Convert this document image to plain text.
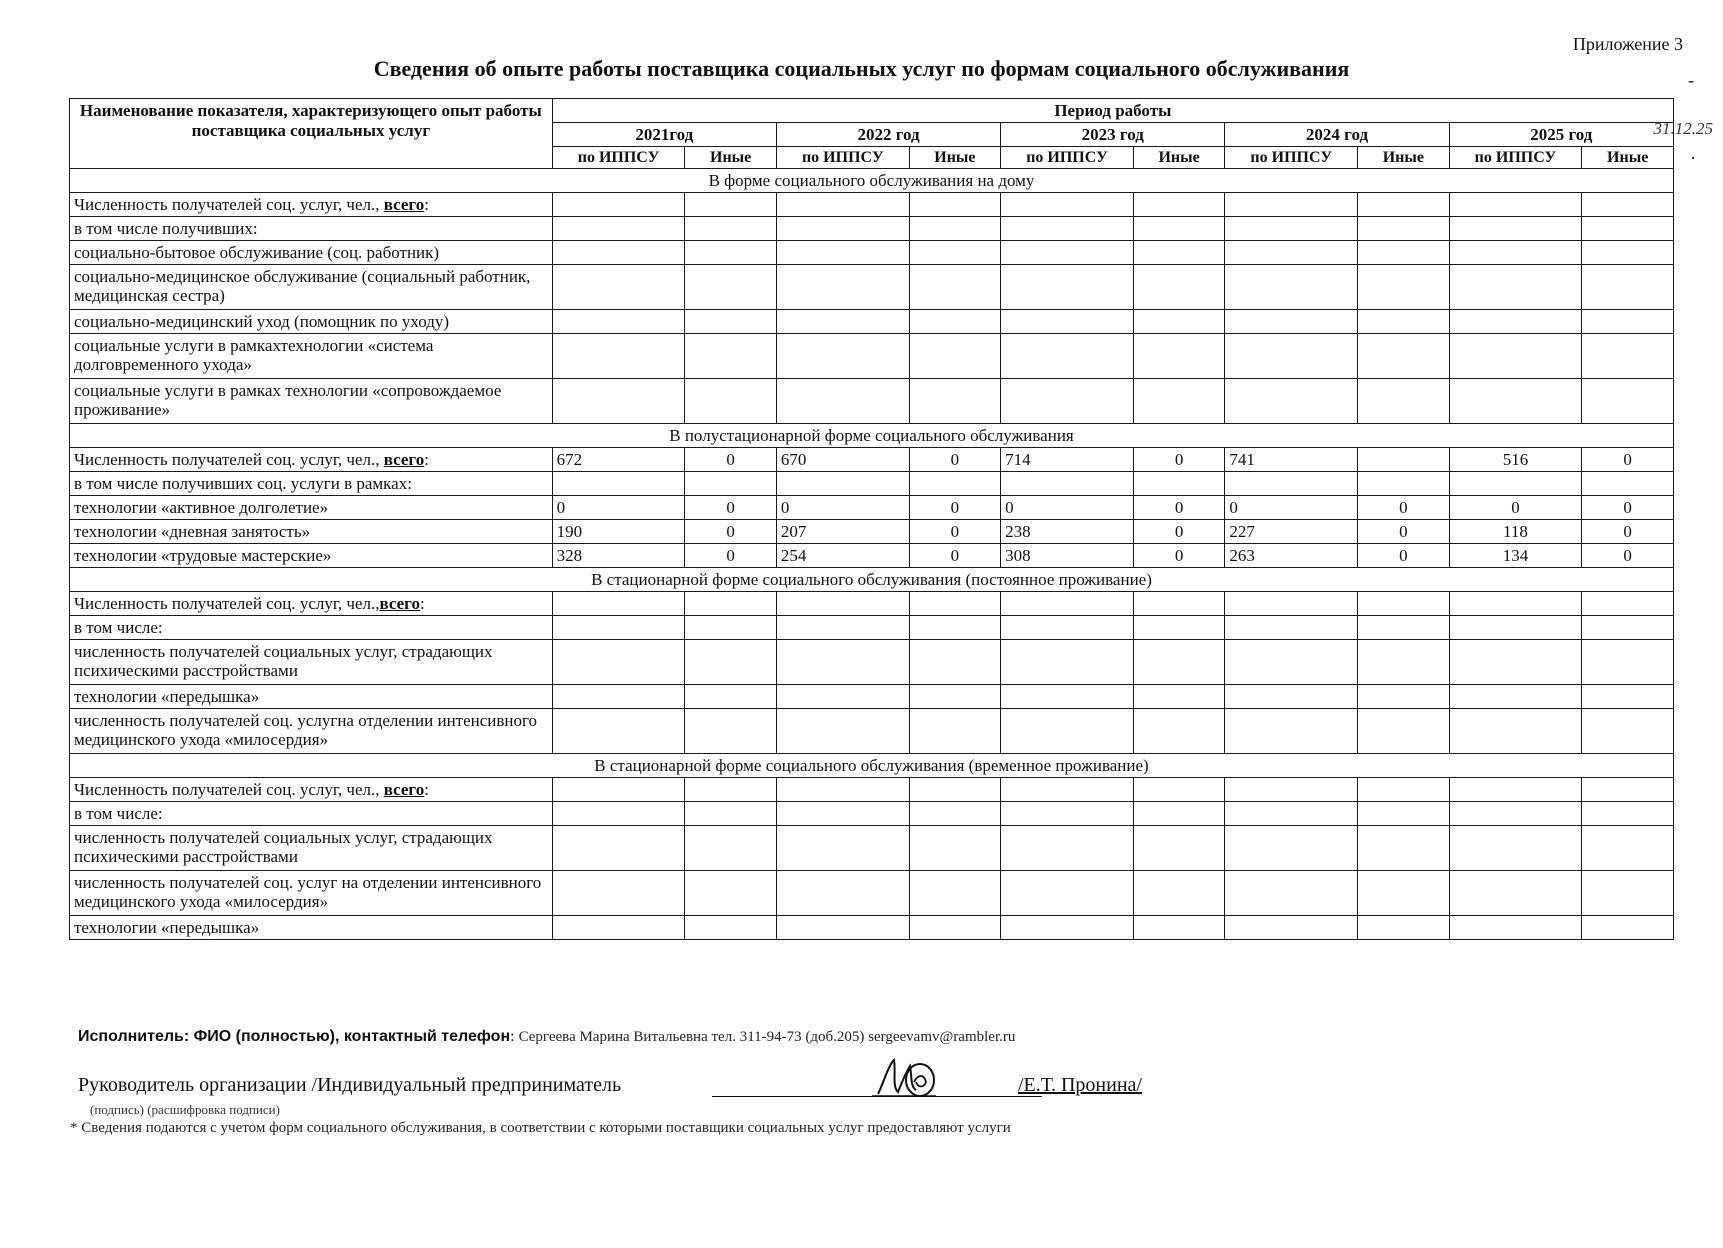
Приложение 3
Сведения об опыте работы поставщика социальных услуг по формам социального обслуживания	-
·
Наименование показателя, характеризующего опыт работы поставщика социальных услуг	Период работы									
	2021год		2022 год		2023 год		2024 год		2025 год 31.12.25	

	по ИППСУ	Иные	по ИППСУ	Иные	по ИППСУ	Иные	по ИППСУ	Иные	по ИППСУ	Иные
В форме социального обслуживания на дому										
Численность получателей соц. услуг, чел., всего:										
в том числе получивших:										
социально-бытовое обслуживание (соц. работник)										
социально-медицинское обслуживание (социальный работник, медицинская сестра)										
социально-медицинский уход (помощник по уходу)										
социальные услуги в рамкахтехнологии «система долговременного ухода»										
социальные услуги в рамках технологии «сопровождаемое проживание»										
В полустационарной форме социального обслуживания										
Численность получателей соц. услуг, чел., всего:	672	0	670	0	714	0	741		516	0
в том числе получивших соц. услуги в рамках:										
технологии «активное долголетие»	0	0	0	0	0	0	0	0	0	0
технологии «дневная занятость»	190	0	207	0	238	0	227	0	118	0
технологии «трудовые мастерские»	328	0	254	0	308	0	263	0	134	0
В стационарной форме социального обслуживания (постоянное проживание)										
Численность получателей соц. услуг, чел.,всего:										
в том числе:										
численность получателей социальных услуг, страдающих психическими расстройствами										
технологии «передышка»										
численность получателей соц. услугна отделении интенсивного медицинского ухода «милосердия»										
В стационарной форме социального обслуживания (временное проживание)										
Численность получателей соц. услуг, чел., всего:										
в том числе:										
численность получателей социальных услуг, страдающих психическими расстройствами										
численность получателей соц. услуг на отделении интенсивного медицинского ухода «милосердия»										
технологии «передышка»										
Исполнитель: ФИО (полностью), контактный телефон: Сергеева Марина Витальевна тел. 311-94-73 (доб.205) sergeevamv@rambler.ru
Руководитель организации /Индивидуальный предприниматель	/Е.Т. Пронина/
(подпись) (расшифровка подписи)
* Сведения подаются с учетом форм социального обслуживания, в соответствии с которыми поставщики социальных услуг предоставляют услуги
